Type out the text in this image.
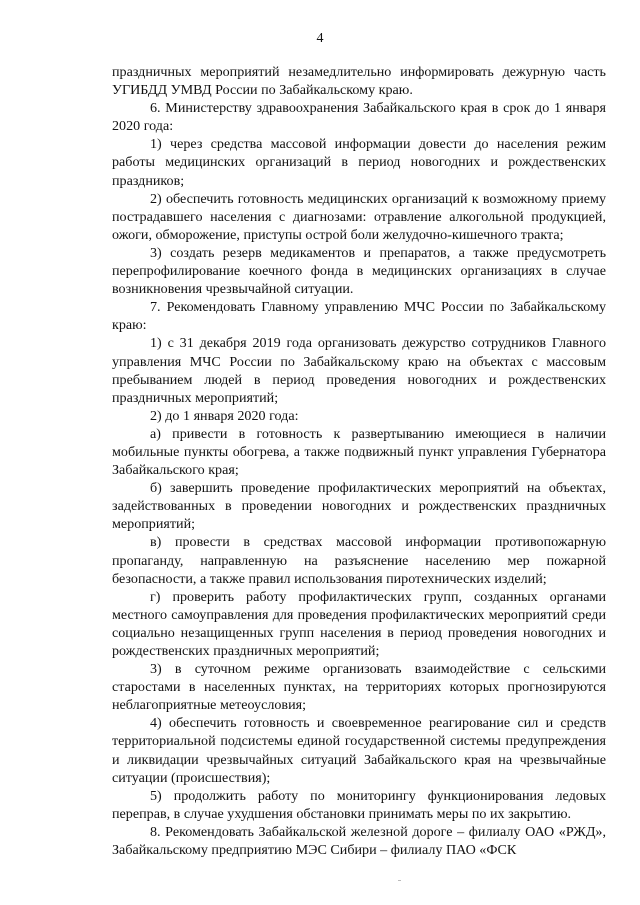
4

праздничных мероприятий незамедлительно информировать дежурную часть УГИБДД УМВД России по Забайкальскому краю.

6. Министерству здравоохранения Забайкальского края в срок до 1 января 2020 года:

1) через средства массовой информации довести до населения режим работы медицинских организаций в период новогодних и рождественских праздников;

2) обеспечить готовность медицинских организаций к возможному приему пострадавшего населения с диагнозами: отравление алкогольной продукцией, ожоги, обморожение, приступы острой боли желудочно-кишечного тракта;

3) создать резерв медикаментов и препаратов, а также предусмотреть перепрофилирование коечного фонда в медицинских организациях в случае возникновения чрезвычайной ситуации.

7. Рекомендовать Главному управлению МЧС России по Забайкальскому краю:

1) с 31 декабря 2019 года организовать дежурство сотрудников Главного управления МЧС России по Забайкальскому краю на объектах с массовым пребыванием людей в период проведения новогодних и рождественских праздничных мероприятий;

2) до 1 января 2020 года:

а) привести в готовность к развертыванию имеющиеся в наличии мобильные пункты обогрева, а также подвижный пункт управления Губернатора Забайкальского края;

б) завершить проведение профилактических мероприятий на объектах, задействованных в проведении новогодних и рождественских праздничных мероприятий;

в) провести в средствах массовой информации противопожарную пропаганду, направленную на разъяснение населению мер пожарной безопасности, а также правил использования пиротехнических изделий;

г) проверить работу профилактических групп, созданных органами местного самоуправления для проведения профилактических мероприятий среди социально незащищенных групп населения в период проведения новогодних и рождественских праздничных мероприятий;

3) в суточном режиме организовать взаимодействие с сельскими старостами в населенных пунктах, на территориях которых прогнозируются неблагоприятные метеоусловия;

4) обеспечить готовность и своевременное реагирование сил и средств территориальной подсистемы единой государственной системы предупреждения и ликвидации чрезвычайных ситуаций Забайкальского края на чрезвычайные ситуации (происшествия);

5) продолжить работу по мониторингу функционирования ледовых переправ, в случае ухудшения обстановки принимать меры по их закрытию.

8. Рекомендовать Забайкальской железной дороге – филиалу ОАО «РЖД», Забайкальскому предприятию МЭС Сибири – филиалу ПАО «ФСК
